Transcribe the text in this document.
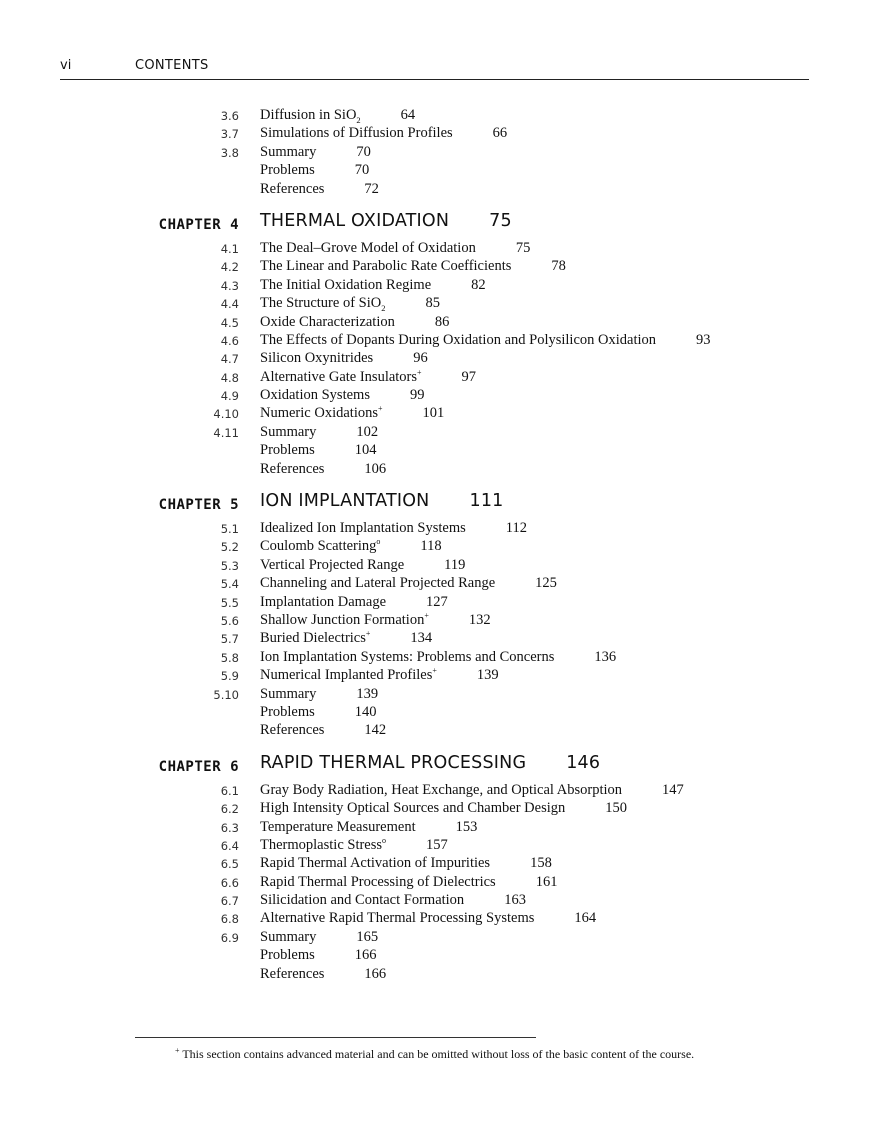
vi	CONTENTS
3.6 Diffusion in SiO$_2$	64
3.7 Simulations of Diffusion Profiles	66
3.8 Summary	70
Problems	70
References	72
CHAPTER 4 THERMAL OXIDATION 75
4.1 The Deal–Grove Model of Oxidation	75
4.2 The Linear and Parabolic Rate Coefficients	78
4.3 The Initial Oxidation Regime	82
4.4 The Structure of SiO$_2$	85
4.5 Oxide Characterization	86
4.6 The Effects of Dopants During Oxidation and Polysilicon Oxidation	93
4.7 Silicon Oxynitrides	96
4.8 Alternative Gate Insulators+	97
4.9 Oxidation Systems	99
4.10 Numeric Oxidations+	101
4.11 Summary	102
Problems	104
References	106
CHAPTER 5 ION IMPLANTATION 111
5.1 Idealized Ion Implantation Systems	112
5.2 Coulomb Scattering$^o$	118
5.3 Vertical Projected Range	119
5.4 Channeling and Lateral Projected Range	125
5.5 Implantation Damage	127
5.6 Shallow Junction Formation+	132
5.7 Buried Dielectrics+	134
5.8 Ion Implantation Systems: Problems and Concerns	136
5.9 Numerical Implanted Profiles+	139
5.10 Summary	139
Problems	140
References	142
CHAPTER 6 RAPID THERMAL PROCESSING 146
6.1 Gray Body Radiation, Heat Exchange, and Optical Absorption	147
6.2 High Intensity Optical Sources and Chamber Design	150
6.3 Temperature Measurement	153
6.4 Thermoplastic Stress$^o$	157
6.5 Rapid Thermal Activation of Impurities	158
6.6 Rapid Thermal Processing of Dielectrics	161
6.7 Silicidation and Contact Formation	163
6.8 Alternative Rapid Thermal Processing Systems	164
6.9 Summary	165
Problems	166
References	166
+ This section contains advanced material and can be omitted without loss of the basic content of the course.
